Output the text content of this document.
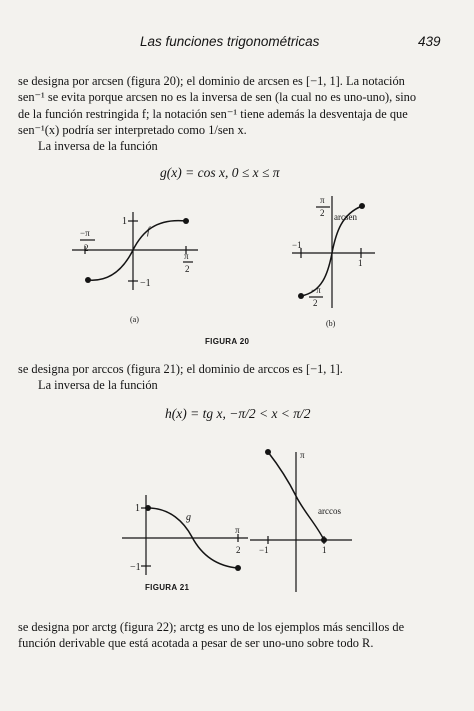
Las funciones trigonométricas	439

se designa por arcsen (figura 20); el dominio de arcsen es [−1, 1]. La notación

sen⁻¹ se evita porque arcsen no es la inversa de sen (la cual no es uno-uno), sino

de la función restringida f; la notación sen⁻¹ tiene además la desventaja de que

sen⁻¹(x) podría ser interpretado como 1/sen x.

La inversa de la función
g(x) = cos x, 0 ≤ x ≤ π
1
−1
−π
2
π
2
f
π
2 arcsen
−1
1
−π
2
(a)	(b)
FIGURA 20
se designa por arccos (figura 21); el dominio de arccos es [−1, 1].
La inversa de la función
h(x) = tg x, −π/2 < x < π/2
1
−1
g
π
2
π
arccos
−1	1
FIGURA 21

se designa por arctg (figura 22); arctg es uno de los ejemplos más sencillos de

función derivable que está acotada a pesar de ser uno-uno sobre todo R.
